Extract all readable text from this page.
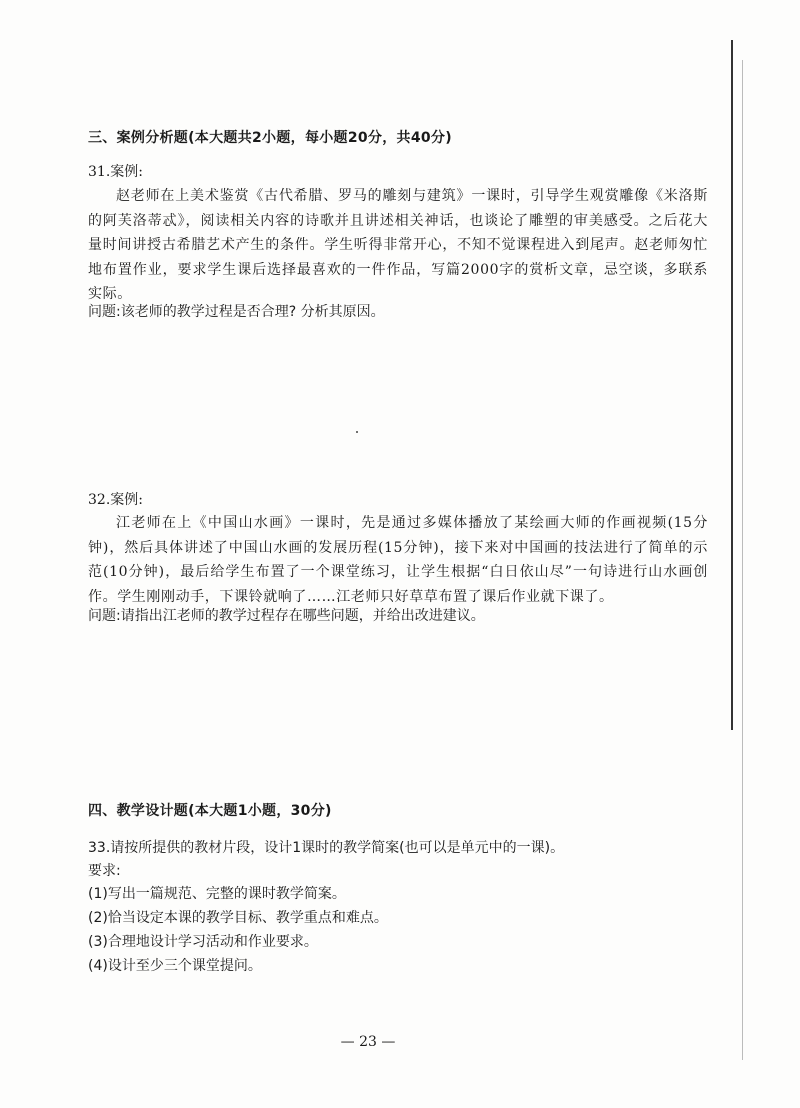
三、案例分析题(本大题共2小题，每小题20分，共40分)
31.案例:

赵老师在上美术鉴赏《古代希腊、罗马的雕刻与建筑》一课时，引导学生观赏雕像《米洛斯的阿芙洛蒂忒》，阅读相关内容的诗歌并且讲述相关神话，也谈论了雕塑的审美感受。之后花大量时间讲授古希腊艺术产生的条件。学生听得非常开心，不知不觉课程进入到尾声。赵老师匆忙地布置作业，要求学生课后选择最喜欢的一件作品，写篇2000字的赏析文章，忌空谈，多联系实际。

问题:该老师的教学过程是否合理? 分析其原因。
32.案例:

江老师在上《中国山水画》一课时，先是通过多媒体播放了某绘画大师的作画视频(15分钟)，然后具体讲述了中国山水画的发展历程(15分钟)，接下来对中国画的技法进行了简单的示范(10分钟)，最后给学生布置了一个课堂练习，让学生根据“白日依山尽”一句诗进行山水画创作。学生刚刚动手，下课铃就响了……江老师只好草草布置了课后作业就下课了。

问题:请指出江老师的教学过程存在哪些问题，并给出改进建议。
四、教学设计题(本大题1小题，30分)
33.请按所提供的教材片段，设计1课时的教学简案(也可以是单元中的一课)。
要求:
(1)写出一篇规范、完整的课时教学简案。
(2)恰当设定本课的教学目标、教学重点和难点。
(3)合理地设计学习活动和作业要求。
(4)设计至少三个课堂提问。
— 23 —
